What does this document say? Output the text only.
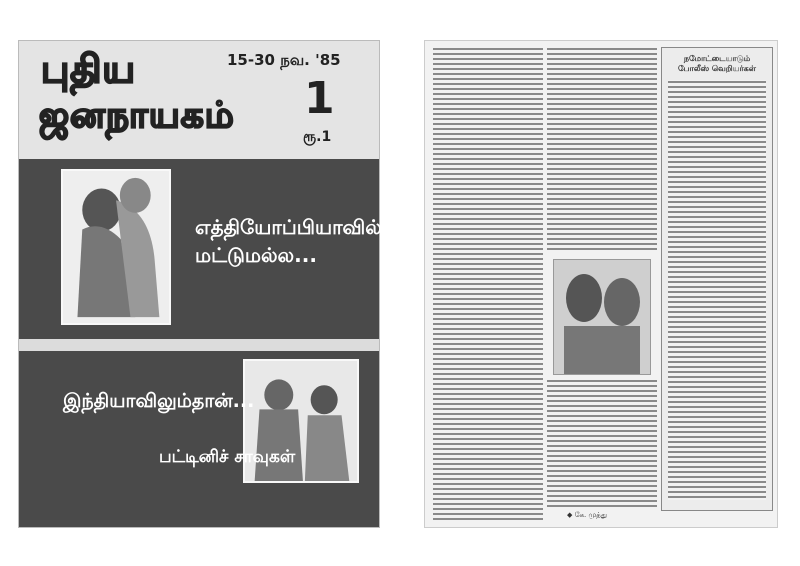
புதிய
ஜனநாயகம்
15-30 நவ. '85
1
ரூ.1
எத்தியோப்பியாவில் மட்டுமல்ல...
இந்தியாவிலும்தான்...
பட்டினிச் சாவுகள்
நமோட்டையாடும் போலீஸ் வெறியர்கள்
◆ கே. முத்து
